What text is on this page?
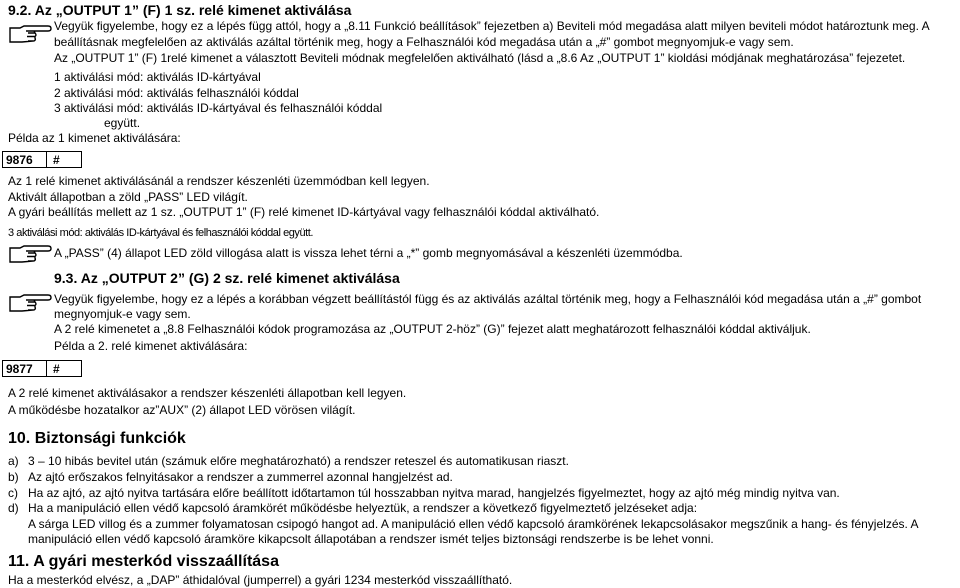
9.2. Az „OUTPUT 1” (F) 1 sz. relé kimenet aktiválása
Vegyük figyelembe, hogy ez a lépés függ attól, hogy a „8.11 Funkció beállítások” fejezetben a) Beviteli mód megadása alatt milyen beviteli módot határoztunk meg. A
beállításnak megfelelően az aktiválás azáltal történik meg, hogy a Felhasználói kód megadása után a „#” gombot megnyomjuk-e vagy sem.
Az „OUTPUT 1” (F) 1relé kimenet a választott Beviteli módnak megfelelően aktiválható (lásd a „8.6 Az „OUTPUT 1” kioldási módjának meghatározása” fejezetet.
1 aktiválási mód: aktiválás ID-kártyával
2 aktiválási mód: aktiválás felhasználói kóddal
3 aktiválási mód: aktiválás ID-kártyával és felhasználói kóddal
együtt.
Példa az 1 kimenet aktiválására:
9876	#
Az 1 relé kimenet aktiválásánál a rendszer készenléti üzemmódban kell legyen.
Aktivált állapotban a zöld „PASS” LED világít.
A gyári beállítás mellett az 1 sz. „OUTPUT 1” (F) relé kimenet ID-kártyával vagy felhasználói kóddal aktiválható.
3 aktiválási mód: aktiválás ID-kártyával és felhasználói kóddal együtt.
A „PASS” (4) állapot LED zöld villogása alatt is vissza lehet térni a „*” gomb megnyomásával a készenléti üzemmódba.
9.3. Az „OUTPUT 2” (G) 2 sz. relé kimenet aktiválása
Vegyük figyelembe, hogy ez a lépés a korábban végzett beállítástól függ és az aktiválás azáltal történik meg, hogy a Felhasználói kód megadása után a „#” gombot
megnyomjuk-e vagy sem.
A 2 relé kimenetet a „8.8 Felhasználói kódok programozása az „OUTPUT 2-höz” (G)” fejezet alatt meghatározott felhasználói kóddal aktiváljuk.
Példa a 2. relé kimenet aktiválására:
9877	#
A 2 relé kimenet aktiválásakor a rendszer készenléti állapotban kell legyen.
A működésbe hozatalkor az”AUX” (2) állapot LED vörösen világít.
10. Biztonsági funkciók
a) 3 – 10 hibás bevitel után (számuk előre meghatározható) a rendszer reteszel és automatikusan riaszt.
b) Az ajtó erőszakos felnyitásakor a rendszer a zummerrel azonnal hangjelzést ad.
c) Ha az ajtó, az ajtó nyitva tartására előre beállított időtartamon túl hosszabban nyitva marad, hangjelzés figyelmeztet, hogy az ajtó még mindig nyitva van.
d) Ha a manipuláció ellen védő kapcsoló áramkörét működésbe helyeztük, a rendszer a következő figyelmeztető jelzéseket adja:
A sárga LED villog és a zummer folyamatosan csipogó hangot ad. A manipuláció ellen védő kapcsoló áramkörének lekapcsolásakor megszűnik a hang- és fényjelzés. A
manipuláció ellen védő kapcsoló áramköre kikapcsolt állapotában a rendszer ismét teljes biztonsági rendszerbe is be lehet vonni.
11. A gyári mesterkód visszaállítása
Ha a mesterkód elvész, a „DAP” áthidalóval (jumperrel) a gyári 1234 mesterkód visszaállítható.
